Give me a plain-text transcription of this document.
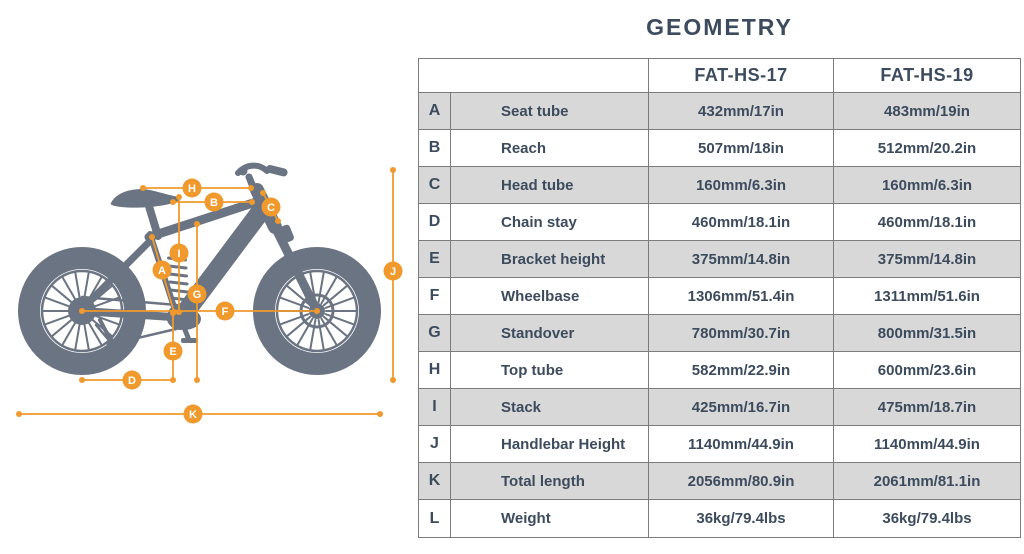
A
B	C
D
E
F
G
H
I
J
K
GEOMETRY
FAT-HS-17	FAT-HS-19
A	Seat tube	432mm/17in	483mm/19in
B	Reach	507mm/18in	512mm/20.2in
C	Head tube	160mm/6.3in	160mm/6.3in
D	Chain stay	460mm/18.1in	460mm/18.1in
E	Bracket height	375mm/14.8in	375mm/14.8in
F	Wheelbase	1306mm/51.4in	1311mm/51.6in
G	Standover	780mm/30.7in	800mm/31.5in
H	Top tube	582mm/22.9in	600mm/23.6in
I	Stack	425mm/16.7in	475mm/18.7in
J	Handlebar Height	1140mm/44.9in	1140mm/44.9in
K	Total length	2056mm/80.9in	2061mm/81.1in
L	Weight	36kg/79.4lbs	36kg/79.4lbs
